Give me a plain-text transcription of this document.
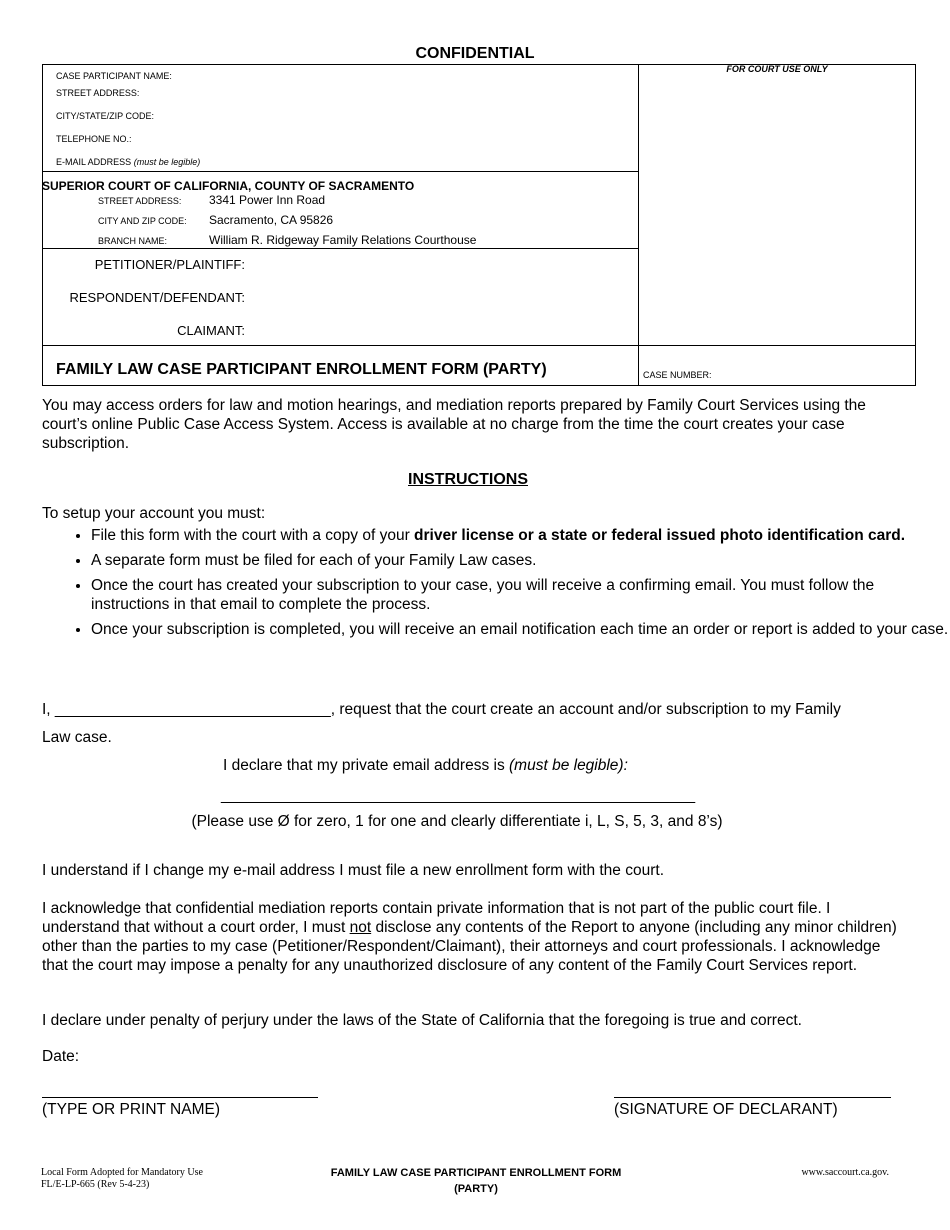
CONFIDENTIAL
FOR COURT USE ONLY
CASE PARTICIPANT NAME:
STREET ADDRESS:
CITY/STATE/ZIP CODE:
TELEPHONE NO.:
E-MAIL ADDRESS (must be legible)
SUPERIOR COURT OF CALIFORNIA, COUNTY OF SACRAMENTO
STREET ADDRESS: 3341 Power Inn Road
CITY AND ZIP CODE: Sacramento, CA 95826
BRANCH NAME:	William R. Ridgeway Family Relations Courthouse
PETITIONER/PLAINTIFF:
RESPONDENT/DEFENDANT:
CLAIMANT:
FAMILY LAW CASE PARTICIPANT ENROLLMENT FORM (PARTY)	CASE NUMBER:
You may access orders for law and motion hearings, and mediation reports prepared by Family Court Services using the court’s online Public Case Access System. Access is available at no charge from the time the court creates your case subscription.
INSTRUCTIONS
To setup your account you must:
• File this form with the court with a copy of your driver license or a state or federal issued photo identification card.
• A separate form must be filed for each of your Family Law cases.
• Once the court has created your subscription to your case, you will receive a confirming email. You must follow the instructions in that email to complete the process.
• Once your subscription is completed, you will receive an email notification each time an order or report is added to your case.
I, ________________________________, request that the court create an account and/or subscription to my Family
Law case.
I declare that my private email address is (must be legible):
_______________________________________________________
(Please use Ø for zero, 1 for one and clearly differentiate i, L, S, 5, 3, and 8’s)
I understand if I change my e-mail address I must file a new enrollment form with the court.
I acknowledge that confidential mediation reports contain private information that is not part of the public court file. I understand that without a court order, I must not disclose any contents of the Report to anyone (including any minor children) other than the parties to my case (Petitioner/Respondent/Claimant), their attorneys and court professionals. I acknowledge that the court may impose a penalty for any unauthorized disclosure of any content of the Family Court Services report.
I declare under penalty of perjury under the laws of the State of California that the foregoing is true and correct.
Date:
(TYPE OR PRINT NAME)	(SIGNATURE OF DECLARANT)
Local Form Adopted for Mandatory Use
FL/E-LP-665 (Rev 5-4-23)
FAMILY LAW CASE PARTICIPANT ENROLLMENT FORM
(PARTY)
www.saccourt.ca.gov.
